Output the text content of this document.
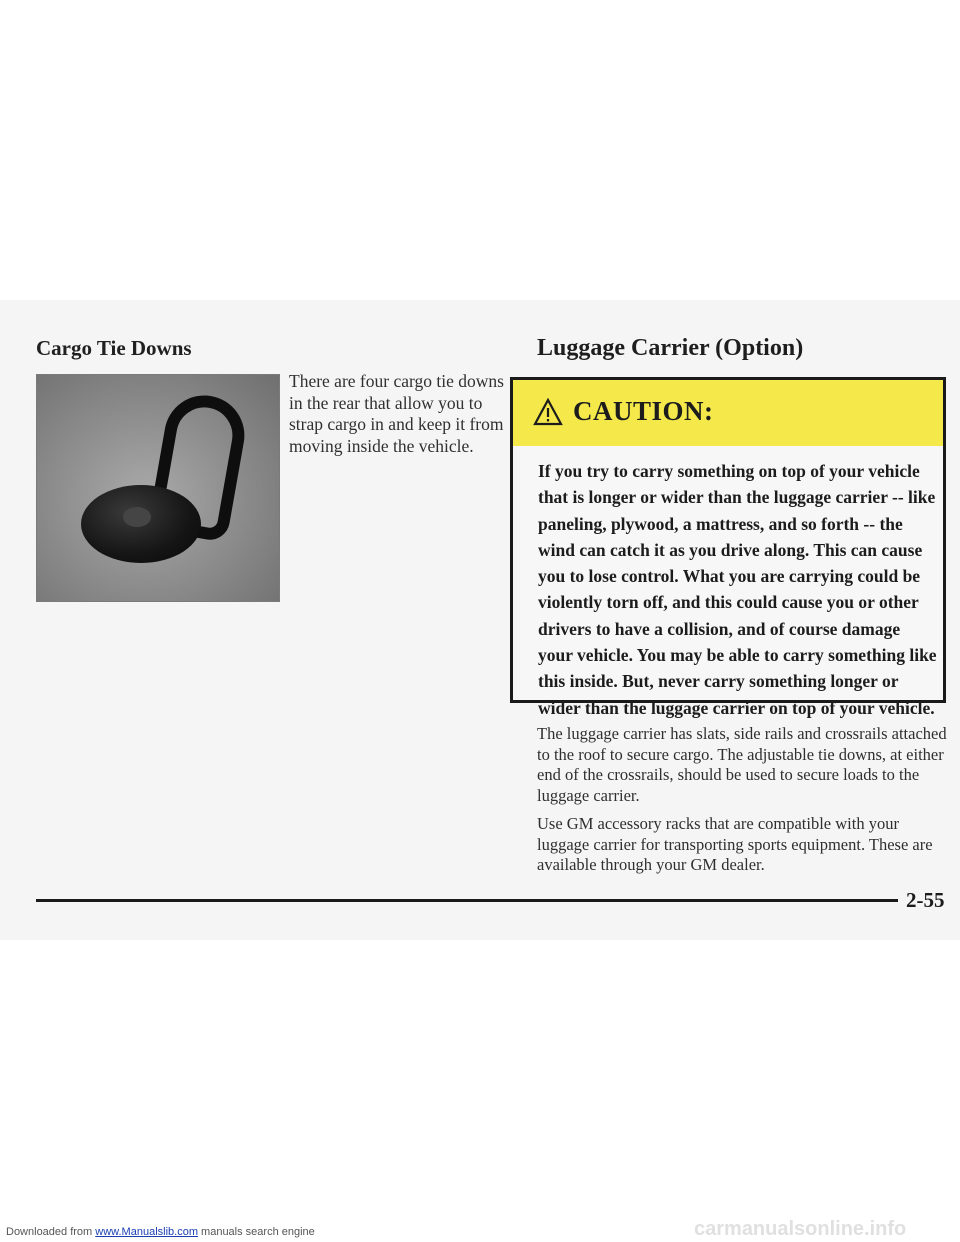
Cargo Tie Downs
There are four cargo tie downs in the rear that allow you to strap cargo in and keep it from moving inside the vehicle.
Luggage Carrier (Option)
CAUTION:
If you try to carry something on top of your vehicle that is longer or wider than the luggage carrier -- like paneling, plywood, a mattress, and so forth -- the wind can catch it as you drive along. This can cause you to lose control. What you are carrying could be violently torn off, and this could cause you or other drivers to have a collision, and of course damage your vehicle. You may be able to carry something like this inside. But, never carry something longer or wider than the luggage carrier on top of your vehicle.
The luggage carrier has slats, side rails and crossrails attached to the roof to secure cargo. The adjustable tie downs, at either end of the crossrails, should be used to secure loads to the luggage carrier.
Use GM accessory racks that are compatible with your luggage carrier for transporting sports equipment. These are available through your GM dealer.
2-55
Downloaded from www.Manualslib.com manuals search engine	carmanualsonline.info
